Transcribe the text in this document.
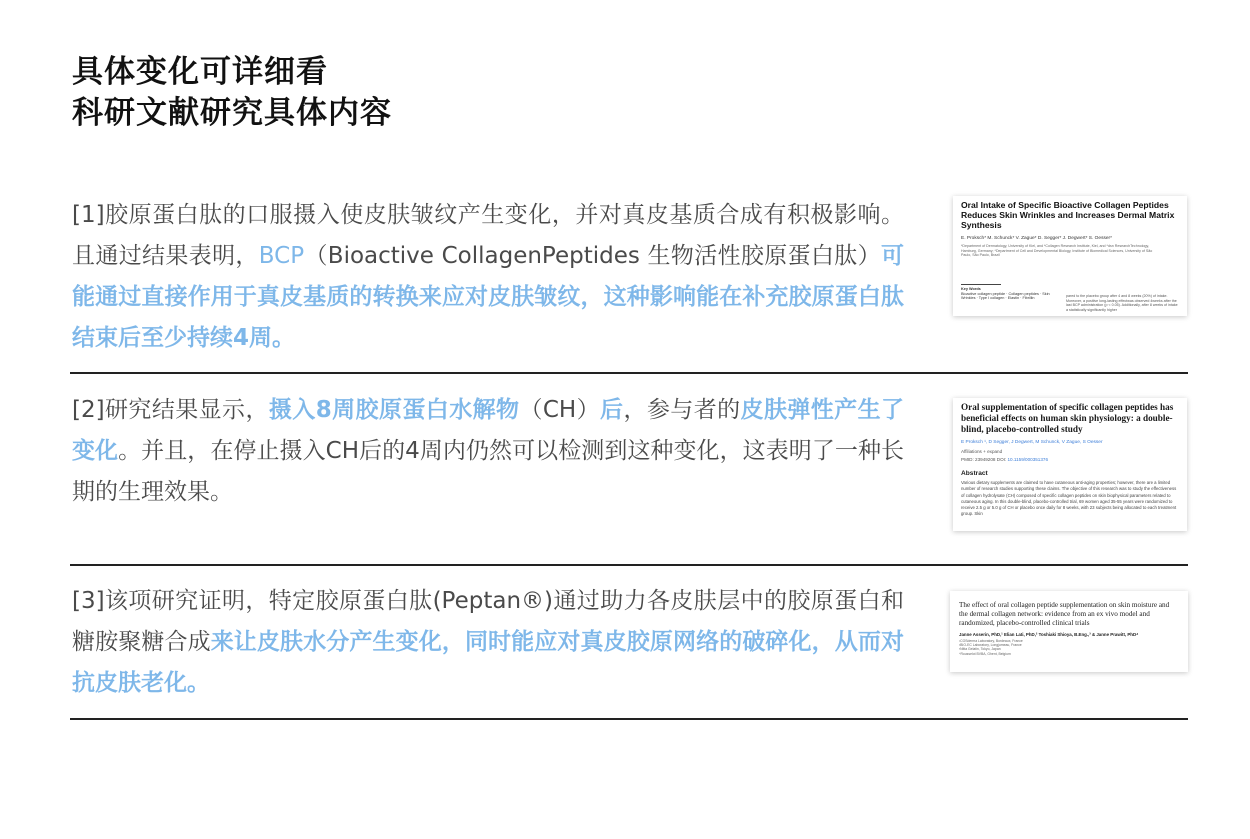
具体变化可详细看
科研文献研究具体内容
[1]胶原蛋白肽的口服摄入使皮肤皱纹产生变化，并对真皮基质合成有积极影响。且通过结果表明，BCP（Bioactive CollagenPeptides 生物活性胶原蛋白肽）可能通过直接作用于真皮基质的转换来应对皮肤皱纹，这种影响能在补充胶原蛋白肽结束后至少持续4周。
Oral Intake of Specific Bioactive Collagen Peptides Reduces Skin Wrinkles and Increases Dermal Matrix Synthesis
E. Proksch* M. Schunck* V. Zague* D. Segger* J. Degwert* S. Oesser*
*Department of Dermatology, University of Kiel, and *Collagen Research Institute, Kiel, and *dsn ResearchTechnology, Hamburg, Germany; *Department of Cell and Developmental Biology, Institute of Biomedical Sciences, University of São Paulo, São Paulo, Brazil
Key Words
Bioactive collagen peptide · Collagen peptides · Skin
Wrinkles · Type I collagen · Elastin · Fibrillin
pared to the placebo group after 4 and 8 weeks (20%) of intake. Moreover, a positive long-lasting effectwas observed 4weeks after the last BCP administration (p < 0.05). Additionally, after 8 weeks of intake a statistically significantly higher
[2]研究结果显示，摄入8周胶原蛋白水解物（CH）后，参与者的皮肤弹性产生了变化。并且，在停止摄入CH后的4周内仍然可以检测到这种变化，这表明了一种长期的生理效果。
Oral supplementation of specific collagen peptides has beneficial effects on human skin physiology: a double-blind, placebo-controlled study
E Proksch ¹, D Segger, J Degwert, M Schunck, V Zague, S Oesser
Affiliations + expand
PMID: 23949208 DOI: 10.1159/000351376
Abstract
Various dietary supplements are claimed to have cutaneous anti-aging properties; however, there are a limited number of research studies supporting these claims. The objective of this research was to study the effectiveness of collagen hydrolysate (CH) composed of specific collagen peptides on skin biophysical parameters related to cutaneous aging. In this double-blind, placebo-controlled trial, 69 women aged 35-55 years were randomized to receive 2.5 g or 5.0 g of CH or placebo once daily for 8 weeks, with 23 subjects being allocated to each treatment group. Skin
[3]该项研究证明，特定胶原蛋白肽(Peptan®)通过助力各皮肤层中的胶原蛋白和糖胺聚糖合成来让皮肤水分产生变化，同时能应对真皮胶原网络的破碎化，从而对抗皮肤老化。
The effect of oral collagen peptide supplementation on skin moisture and the dermal collagen network: evidence from an ex vivo model and randomized, placebo-controlled clinical trials
Janne Asserin, PhD,¹ Elian Lati, PhD,² Toshiaki Shioya, B.Eng.,³ & Janne Prawitt, PhD⁴
¹COSderma Laboratory, Bordeaux, France
²BIO-EC Laboratory, Longjumeau, France
³Nitta Gelatin, Tokyo, Japan
⁴Rousselot BVBA, Ghent, Belgium
